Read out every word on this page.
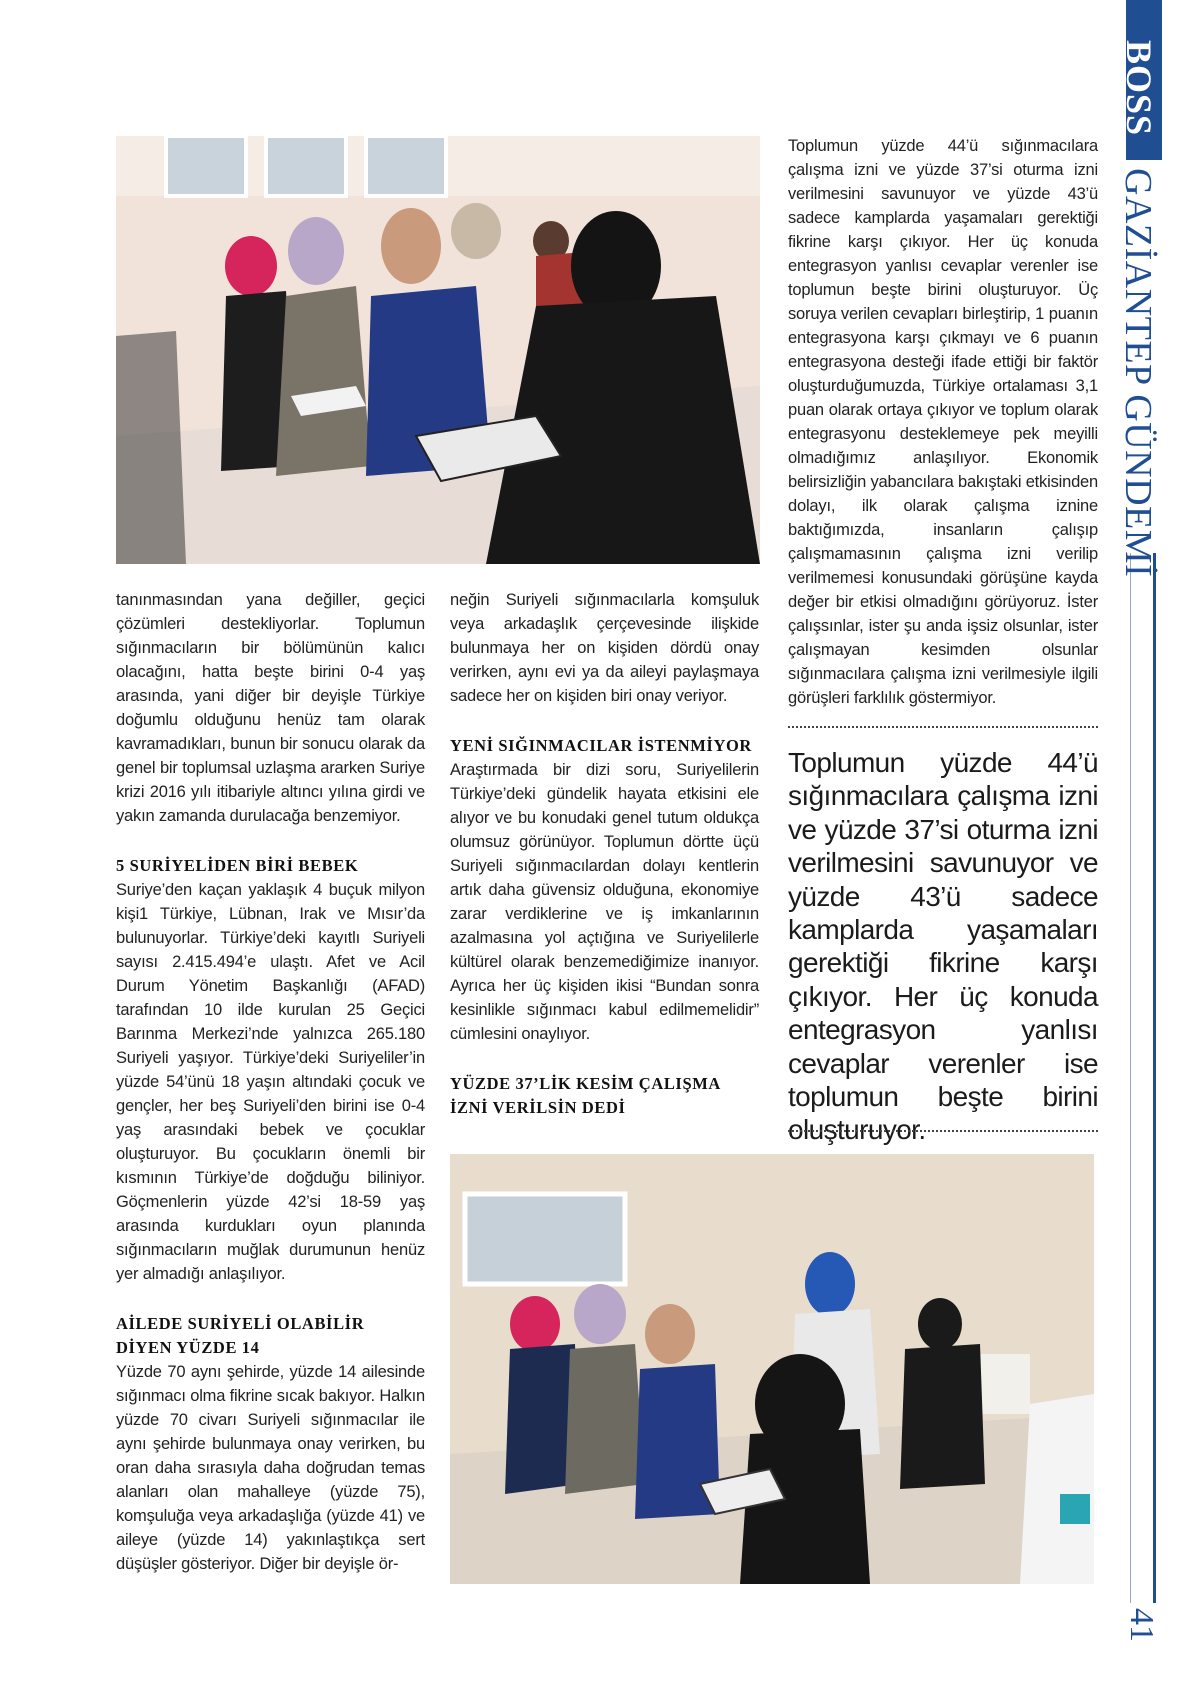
tanınmasından yana değiller, geçici çözümleri destekliyorlar. Toplumun sığınmacıların bir bölümünün kalıcı olacağını, hatta beşte birini 0-4 yaş arasında, yani diğer bir deyişle Türkiye doğumlu olduğunu henüz tam olarak kavramadıkları, bunun bir sonucu olarak da genel bir toplumsal uzlaşma ararken Suriye krizi 2016 yılı itibariyle altıncı yılına girdi ve yakın zamanda durulacağa benzemiyor.

5 SURİYELİDEN BİRİ BEBEK

Suriye’den kaçan yaklaşık 4 buçuk milyon kişi1 Türkiye, Lübnan, Irak ve Mısır’da bulunuyorlar. Türkiye’deki kayıtlı Suriyeli sayısı 2.415.494’e ulaştı. Afet ve Acil Durum Yönetim Başkanlığı (AFAD) tarafından 10 ilde kurulan 25 Geçici Barınma Merkezi’nde yalnızca 265.180 Suriyeli yaşıyor. Türkiye’deki Suriyeliler’in yüzde 54’ünü 18 yaşın altındaki çocuk ve gençler, her beş Suriyeli’den birini ise 0-4 yaş arasındaki bebek ve çocuklar oluşturuyor. Bu çocukların önemli bir kısmının Türkiye’de doğduğu biliniyor. Göçmenlerin yüzde 42’si 18-59 yaş arasında kurdukları oyun planında sığınmacıların muğlak durumunun henüz yer almadığı anlaşılıyor.

AİLEDE SURİYELİ OLABİLİR DİYEN YÜZDE 14

Yüzde 70 aynı şehirde, yüzde 14 ailesinde sığınmacı olma fikrine sıcak bakıyor. Halkın yüzde 70 civarı Suriyeli sığınmacılar ile aynı şehirde bulunmaya onay verirken, bu oran daha sırasıyla daha doğrudan temas alanları olan mahalleye (yüzde 75), komşuluğa veya arkadaşlığa (yüzde 41) ve aileye (yüzde 14) yakınlaştıkça sert düşüşler gösteriyor. Diğer bir deyişle ör-

neğin Suriyeli sığınmacılarla komşuluk veya arkadaşlık çerçevesinde ilişkide bulunmaya her on kişiden dördü onay verirken, aynı evi ya da aileyi paylaşmaya sadece her on kişiden biri onay veriyor.

YENİ SIĞINMACILAR İSTENMİYOR

Araştırmada bir dizi soru, Suriyelilerin Türkiye’deki gündelik hayata etkisini ele alıyor ve bu konudaki genel tutum oldukça olumsuz görünüyor. Toplumun dörtte üçü Suriyeli sığınmacılardan dolayı kentlerin artık daha güvensiz olduğuna, ekonomiye zarar verdiklerine ve iş imkanlarının azalmasına yol açtığına ve Suriyelilerle kültürel olarak benzemediğimize inanıyor. Ayrıca her üç kişiden ikisi “Bundan sonra kesinlikle sığınmacı kabul edilmemelidir” cümlesini onaylıyor.

YÜZDE 37’LİK KESİM ÇALIŞMA İZNİ VERİLSİN DEDİ

Toplumun yüzde 44’ü sığınmacılara çalışma izni ve yüzde 37’si oturma izni verilmesini savunuyor ve yüzde 43’ü sadece kamplarda yaşamaları gerektiği fikrine karşı çıkıyor. Her üç konuda entegrasyon yanlısı cevaplar verenler ise toplumun beşte birini oluşturuyor. Üç soruya verilen cevapları birleştirip, 1 puanın entegrasyona karşı çıkmayı ve 6 puanın entegrasyona desteği ifade ettiği bir faktör oluşturduğumuzda, Türkiye ortalaması 3,1 puan olarak ortaya çıkıyor ve toplum olarak entegrasyonu desteklemeye pek meyilli olmadığımız anlaşılıyor. Ekonomik belirsizliğin yabancılara bakıştaki etkisinden dolayı, ilk olarak çalışma iznine baktığımızda, insanların çalışıp çalışmamasının çalışma izni verilip verilmemesi konusundaki görüşüne kayda değer bir etkisi olmadığını görüyoruz. İster çalışsınlar, ister şu anda işsiz olsunlar, ister çalışmayan kesimden olsunlar sığınmacılara çalışma izni verilmesiyle ilgili görüşleri farklılık göstermiyor.

Toplumun yüzde 44’ü sığınmacılara çalışma izni ve yüzde 37’si oturma izni verilmesini savunuyor ve yüzde 43’ü sadece kamplarda yaşamaları gerektiği fikrine karşı çıkıyor. Her üç konuda entegrasyon yanlısı cevaplar verenler ise toplumun beşte birini oluşturuyor.
BOSS
GAZİANTEP GÜNDEMİ
41
